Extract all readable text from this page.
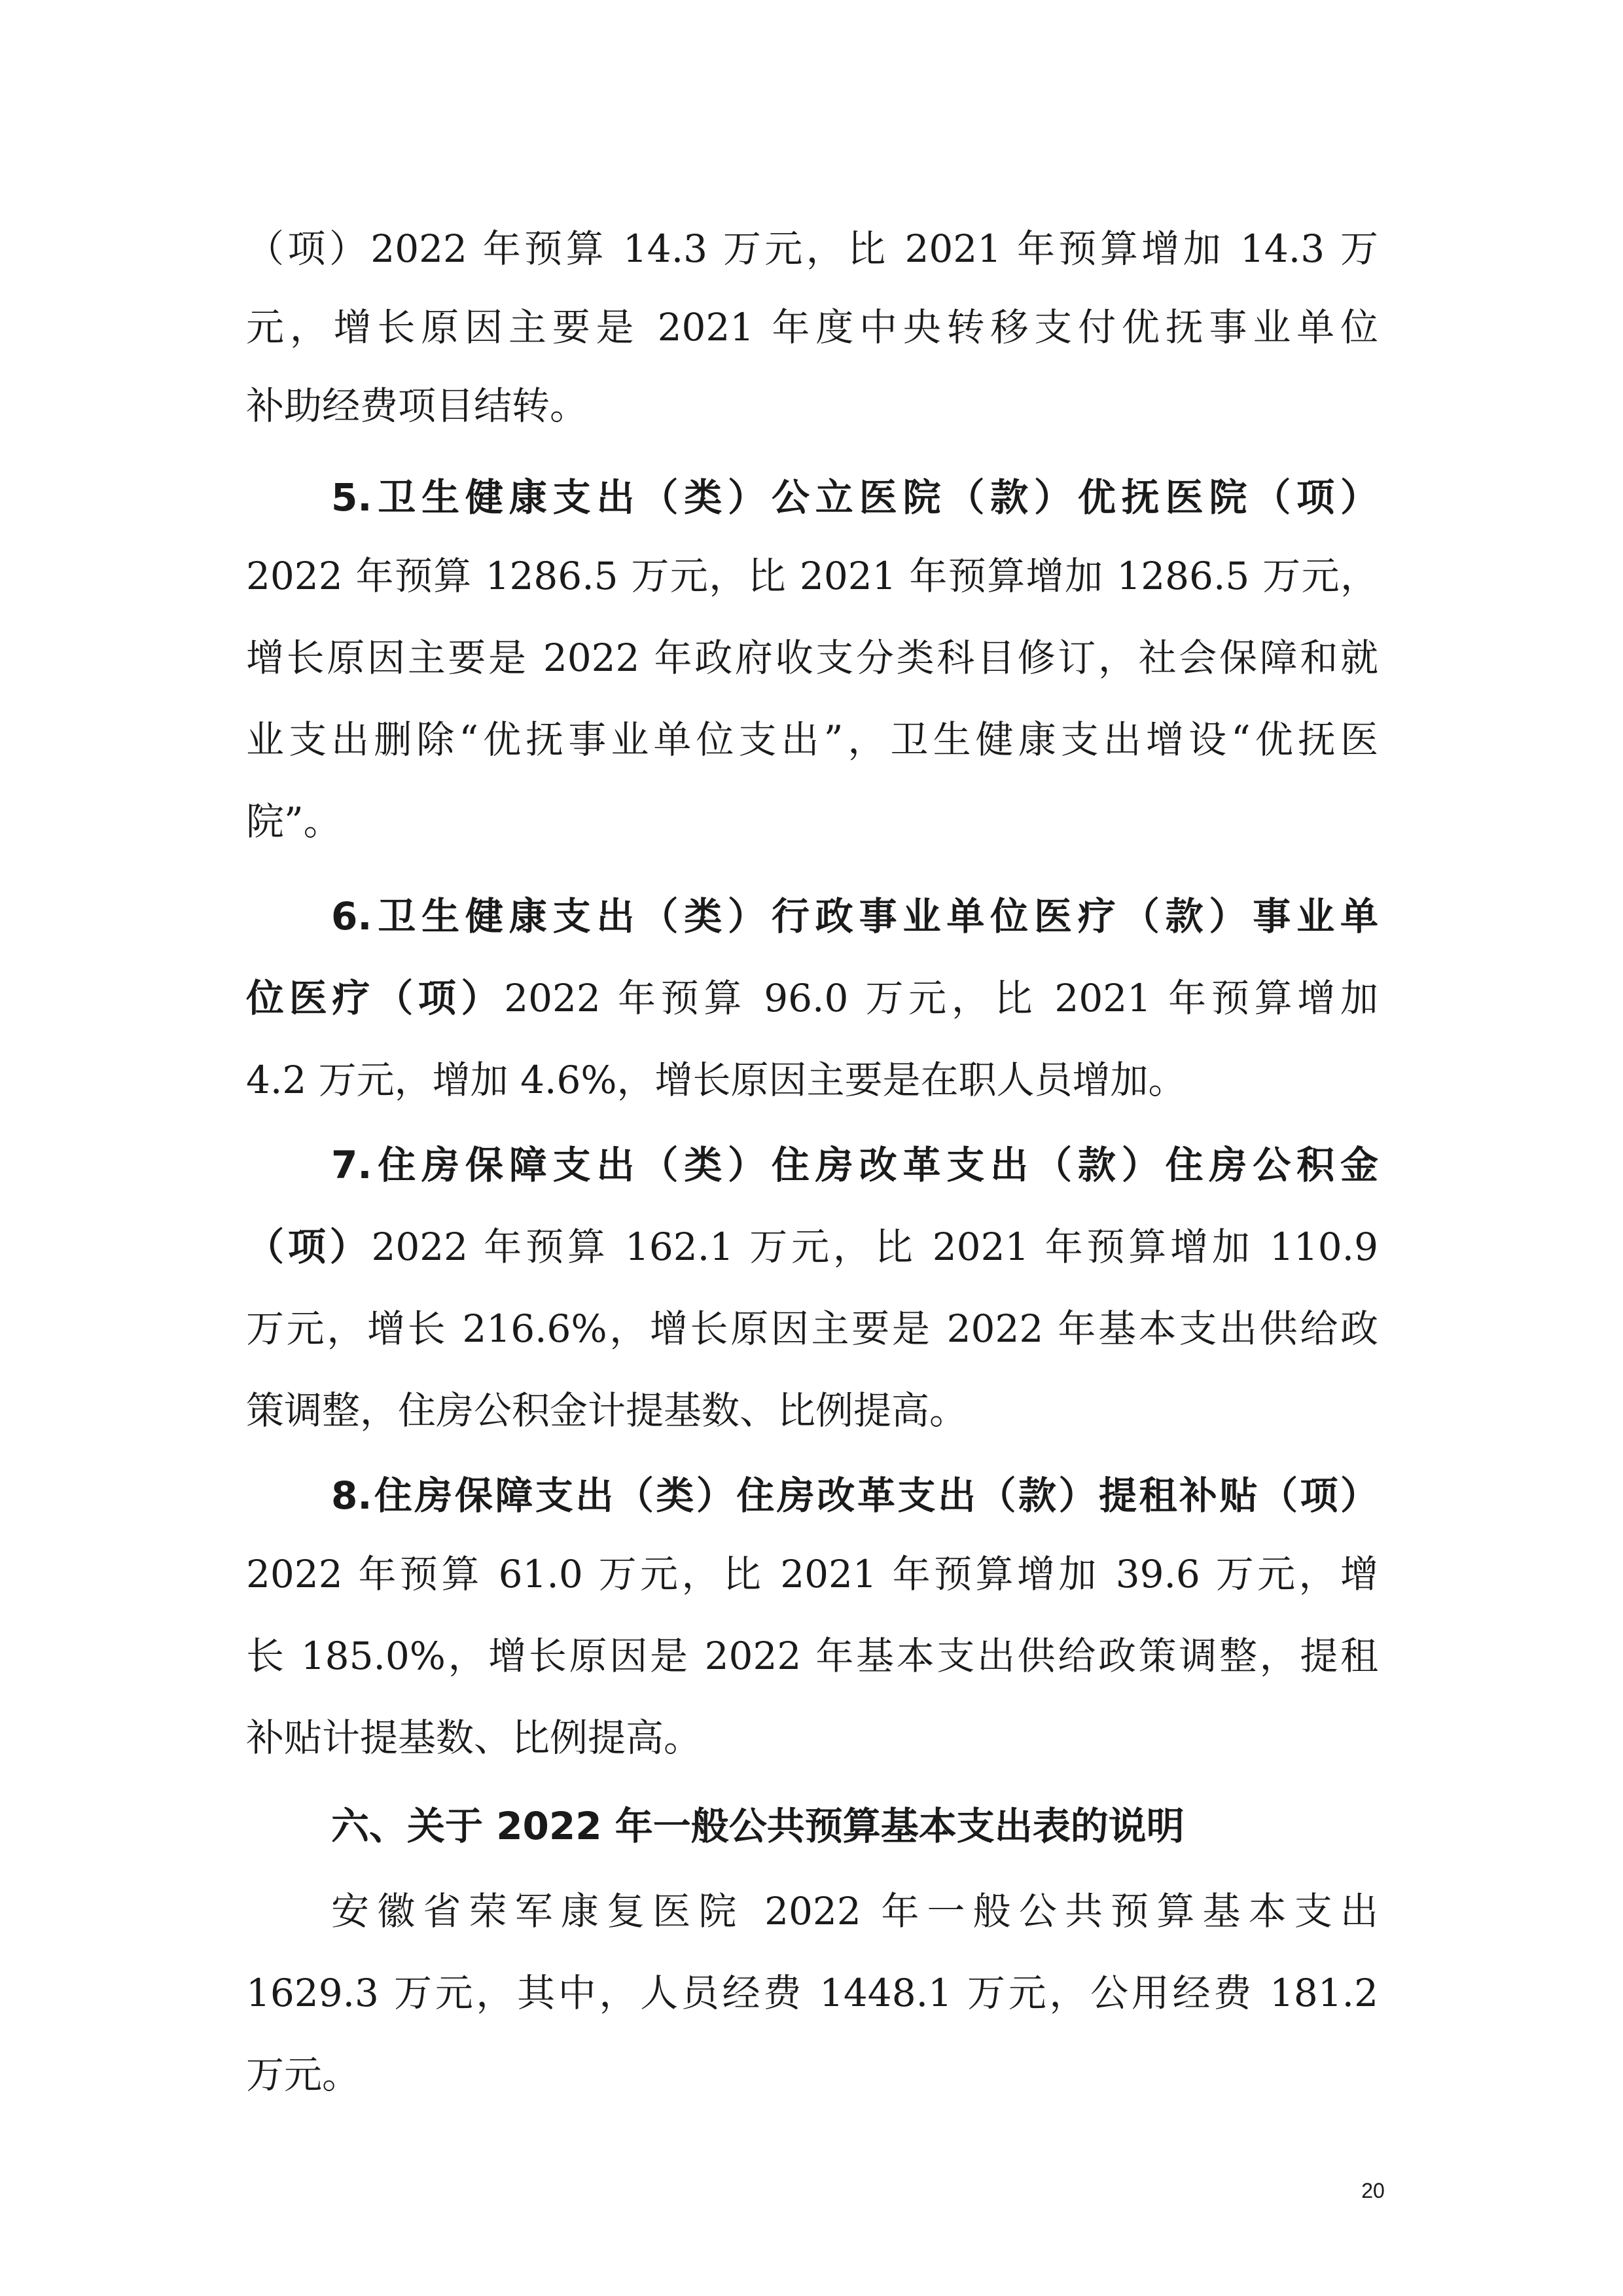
（项）2022 年预算 14.3 万元，比 2021 年预算增加 14.3 万
元，增长原因主要是 2021 年度中央转移支付优抚事业单位
补助经费项目结转。
5.卫生健康支出（类）公立医院（款）优抚医院（项）
2022 年预算 1286.5 万元，比 2021 年预算增加 1286.5 万元，
增长原因主要是 2022 年政府收支分类科目修订，社会保障和就
业支出删除“优抚事业单位支出”，卫生健康支出增设“优抚医
院”。
6.卫生健康支出（类）行政事业单位医疗（款）事业单
位医疗（项）2022 年预算 96.0 万元，比 2021 年预算增加
4.2 万元，增加 4.6%，增长原因主要是在职人员增加。
7.住房保障支出（类）住房改革支出（款）住房公积金
（项）2022 年预算 162.1 万元，比 2021 年预算增加 110.9
万元，增长 216.6%，增长原因主要是 2022 年基本支出供给政
策调整，住房公积金计提基数、比例提高。
8.住房保障支出（类）住房改革支出（款）提租补贴（项）
2022 年预算 61.0 万元，比 2021 年预算增加 39.6 万元，增
长 185.0%，增长原因是 2022 年基本支出供给政策调整，提租
补贴计提基数、比例提高。
六、关于 2022 年一般公共预算基本支出表的说明
安徽省荣军康复医院 2022 年一般公共预算基本支出
1629.3 万元，其中，人员经费 1448.1 万元，公用经费 181.2
万元。
20
